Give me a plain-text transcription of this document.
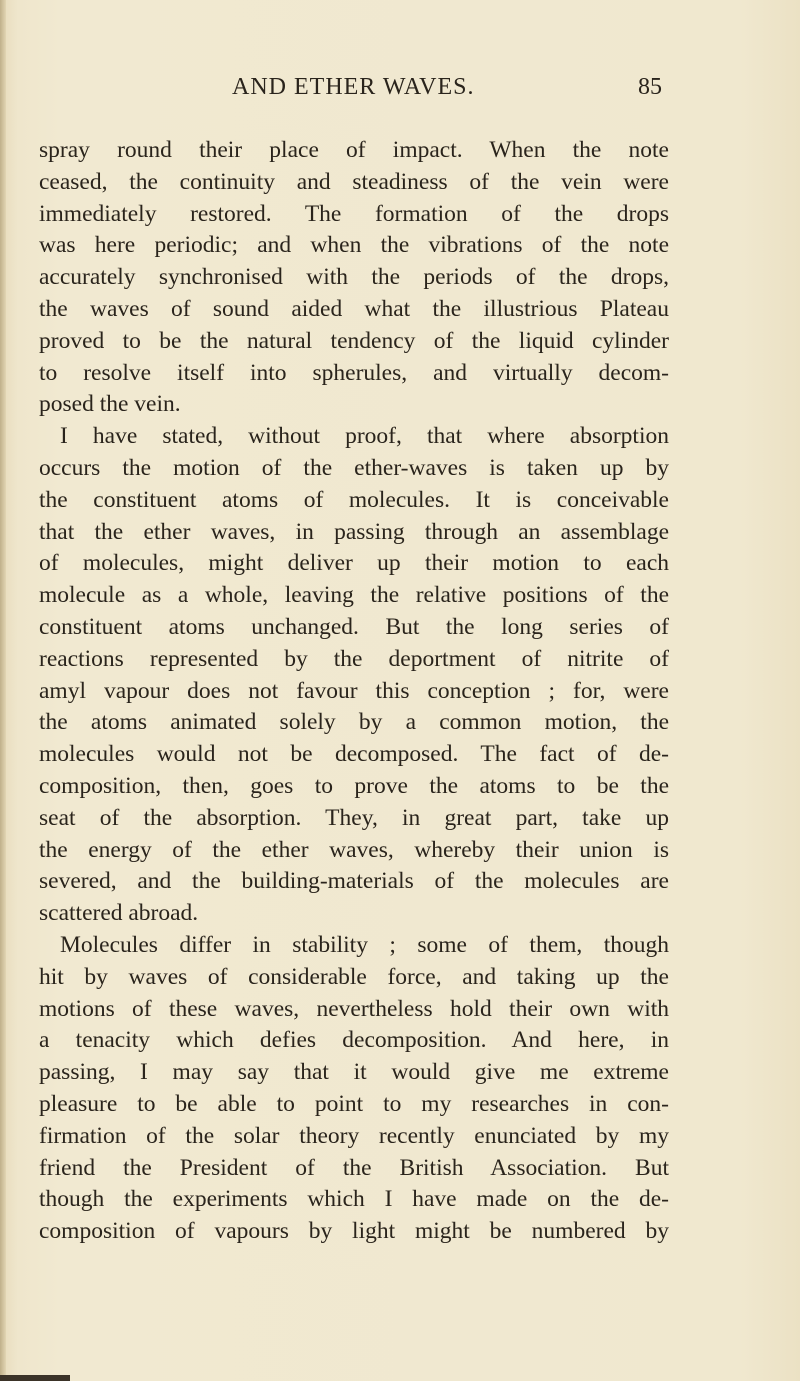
AND ETHER WAVES.	85
spray round their place of impact. When the note
ceased, the continuity and steadiness of the vein were
immediately restored. The formation of the drops
was here periodic; and when the vibrations of the note
accurately synchronised with the periods of the drops,
the waves of sound aided what the illustrious Plateau
proved to be the natural tendency of the liquid cylinder
to resolve itself into spherules, and virtually decom-
posed the vein.
I have stated, without proof, that where absorption
occurs the motion of the ether-waves is taken up by
the constituent atoms of molecules. It is conceivable
that the ether waves, in passing through an assemblage
of molecules, might deliver up their motion to each
molecule as a whole, leaving the relative positions of the
constituent atoms unchanged. But the long series of
reactions represented by the deportment of nitrite of
amyl vapour does not favour this conception ; for, were
the atoms animated solely by a common motion, the
molecules would not be decomposed. The fact of de-
composition, then, goes to prove the atoms to be the
seat of the absorption. They, in great part, take up
the energy of the ether waves, whereby their union is
severed, and the building-materials of the molecules are
scattered abroad.
Molecules differ in stability ; some of them, though
hit by waves of considerable force, and taking up the
motions of these waves, nevertheless hold their own with
a tenacity which defies decomposition. And here, in
passing, I may say that it would give me extreme
pleasure to be able to point to my researches in con-
firmation of the solar theory recently enunciated by my
friend the President of the British Association. But
though the experiments which I have made on the de-
composition of vapours by light might be numbered by
